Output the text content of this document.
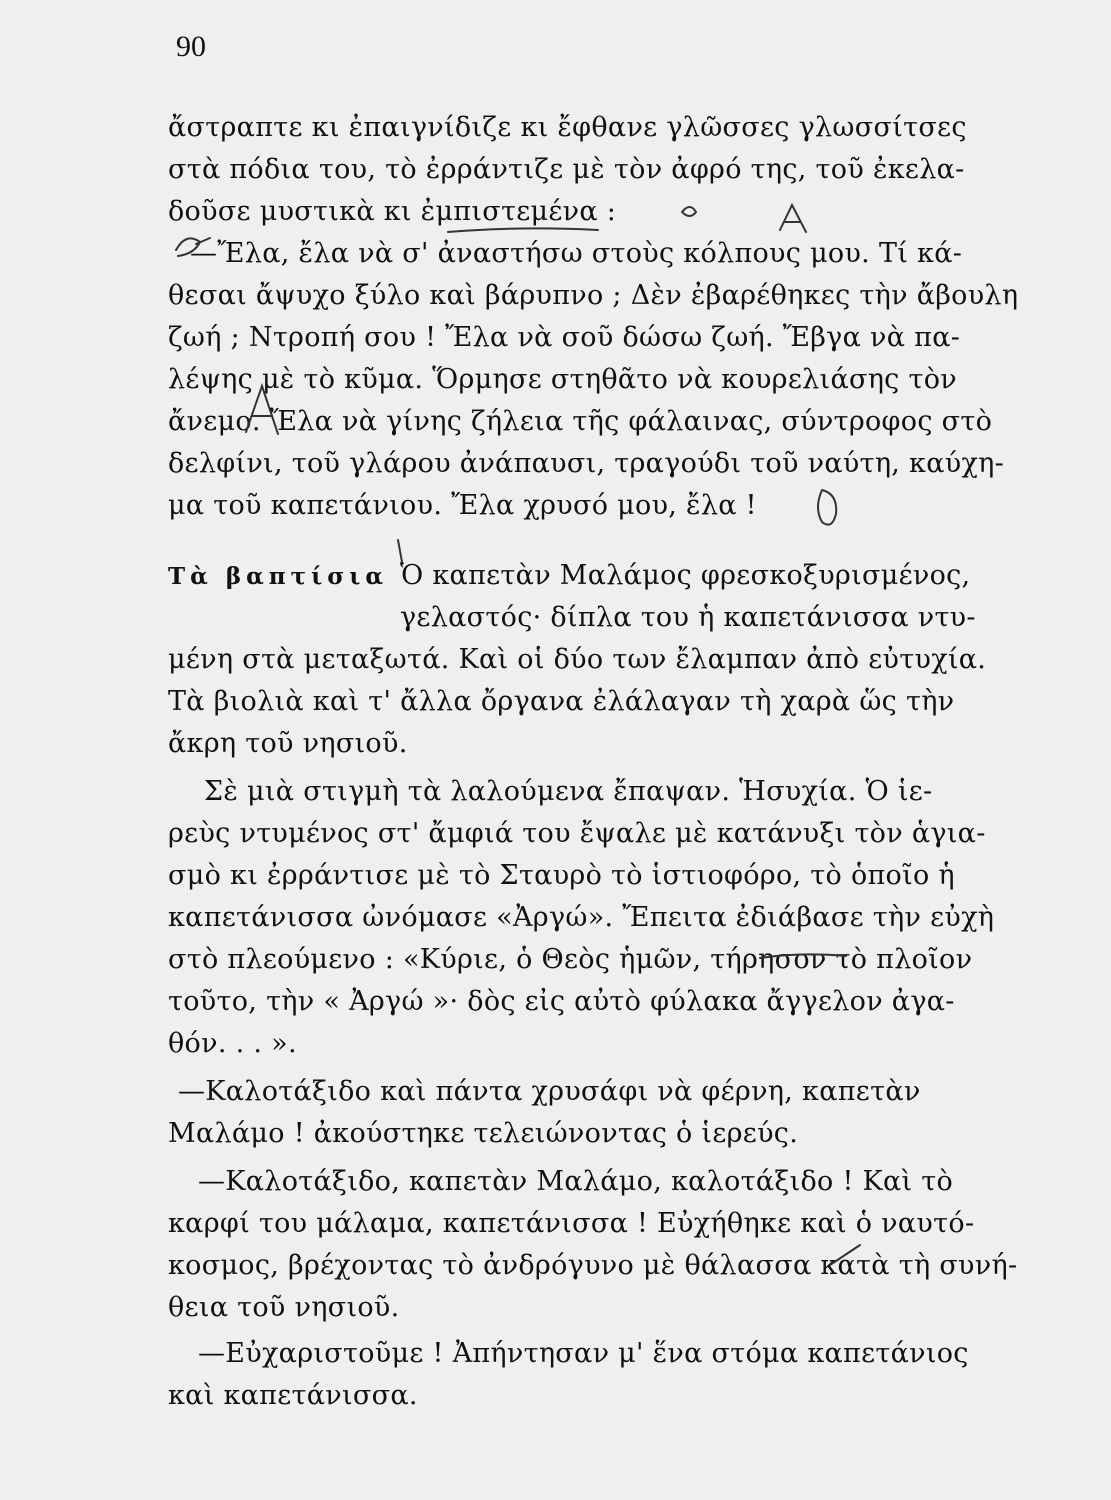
90
ἄστραπτε κι ἐπαιγνίδιζε κι ἔφθανε γλῶσσες γλωσσίτσες
στὰ πόδια του, τὸ ἐρράντιζε μὲ τὸν ἀφρό της, τοῦ ἐκελα-
δοῦσε μυστικὰ κι ἐμπιστεμένα :
—Ἔλα, ἔλα νὰ σ' ἀναστήσω στοὺς κόλπους μου. Τί κά-
θεσαι ἄψυχο ξύλο καὶ βάρυπνο ; Δὲν ἐβαρέθηκες τὴν ἄβουλη
ζωή ; Ντροπή σου ! Ἔλα νὰ σοῦ δώσω ζωή. Ἔβγα νὰ πα-
λέψης μὲ τὸ κῦμα. Ὅρμησε στηθᾶτο νὰ κουρελιάσης τὸν
ἄνεμο. Ἔλα νὰ γίνης ζήλεια τῆς φάλαινας, σύντροφος στὸ
δελφίνι, τοῦ γλάρου ἀνάπαυσι, τραγούδι τοῦ ναύτη, καύχη-
μα τοῦ καπετάνιου. Ἔλα χρυσό μου, ἔλα !
Τὰ βαπτίσια Ὁ καπετὰν Μαλάμος φρεσκοξυρισμένος,
γελαστός· δίπλα του ἡ καπετάνισσα ντυ-
μένη στὰ μεταξωτά. Καὶ οἱ δύο των ἔλαμπαν ἀπὸ εὐτυχία.
Τὰ βιολιὰ καὶ τ' ἄλλα ὄργανα ἐλάλαγαν τὴ χαρὰ ὥς τὴν
ἄκρη τοῦ νησιοῦ.
Σὲ μιὰ στιγμὴ τὰ λαλούμενα ἔπαψαν. Ἡσυχία. Ὁ ἱε-
ρεὺς ντυμένος στ' ἄμφιά του ἔψαλε μὲ κατάνυξι τὸν ἁγια-
σμὸ κι ἐρράντισε μὲ τὸ Σταυρὸ τὸ ἱστιοφόρο, τὸ ὁποῖο ἡ
καπετάνισσα ὠνόμασε «Ἀργώ». Ἔπειτα ἐδιάβασε τὴν εὐχὴ
στὸ πλεούμενο : «Κύριε, ὁ Θεὸς ἡμῶν, τήρησον τὸ πλοῖον
τοῦτο, τὴν « Ἀργώ »· δὸς εἰς αὐτὸ φύλακα ἄγγελον ἀγα-
θόν. . . ».
—Καλοτάξιδο καὶ πάντα χρυσάφι νὰ φέρνη, καπετὰν
Μαλάμο ! ἀκούστηκε τελειώνοντας ὁ ἱερεύς.
—Καλοτάξιδο, καπετὰν Μαλάμο, καλοτάξιδο ! Καὶ τὸ
καρφί του μάλαμα, καπετάνισσα ! Εὐχήθηκε καὶ ὁ ναυτό-
κοσμος, βρέχοντας τὸ ἀνδρόγυνο μὲ θάλασσα κατὰ τὴ συνή-
θεια τοῦ νησιοῦ.
—Εὐχαριστοῦμε ! Ἀπήντησαν μ' ἕνα στόμα καπετάνιος
καὶ καπετάνισσα.
